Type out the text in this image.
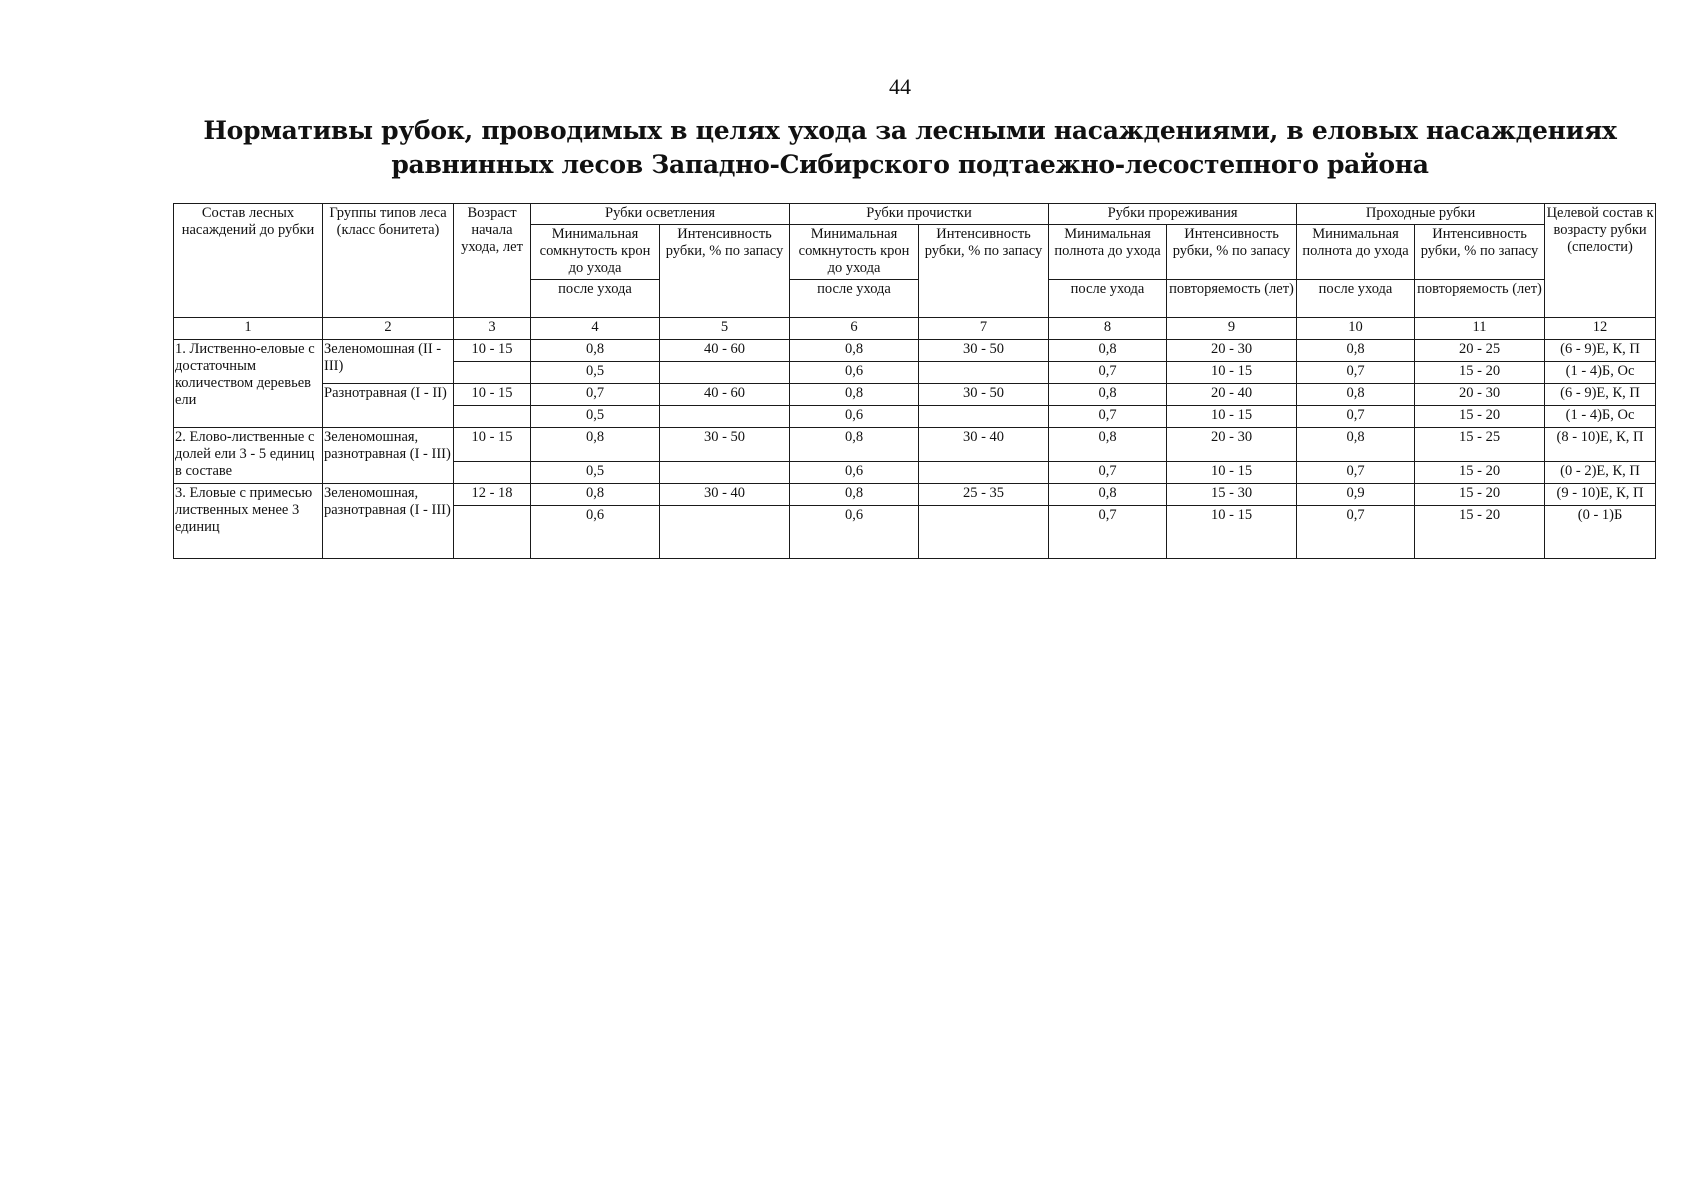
44
Нормативы рубок, проводимых в целях ухода за лесными насаждениями, в еловых насаждениях
равнинных лесов Западно-Сибирского подтаежно-лесостепного района
Состав лесных насаждений до рубки	Группы типов леса (класс бонитета)	Возраст начала ухода, лет	Рубки осветления		Рубки прочистки		Рубки прореживания		Проходные рубки		Целевой состав к возрасту рубки (спелости)
			Минимальная сомкнутость крон до ухода	Интенсивность рубки, % по запасу	Минимальная сомкнутость крон до ухода	Интенсивность рубки, % по запасу	Минимальная полнота до ухода	Интенсивность рубки, % по запасу	Минимальная полнота до ухода	Интенсивность рубки, % по запасу	
			после ухода		после ухода		после ухода	повторяемость (лет)	после ухода	повторяемость (лет)	
1	2	3	4	5	6	7	8	9	10	11	12
1. Лиственно-еловые с достаточным количеством деревьев ели	Зеленомошная (II - III)	10 - 15	0,8	40 - 60	0,8	30 - 50	0,8	20 - 30	0,8	20 - 25	(6 - 9)Е, К, П
			0,5		0,6		0,7	10 - 15	0,7	15 - 20	(1 - 4)Б, Ос
	Разнотравная (I - II)	10 - 15	0,7	40 - 60	0,8	30 - 50	0,8	20 - 40	0,8	20 - 30	(6 - 9)Е, К, П
			0,5		0,6		0,7	10 - 15	0,7	15 - 20	(1 - 4)Б, Ос
2. Елово-лиственные с долей ели 3 - 5 единиц в составе	Зеленомошная, разнотравная (I - III)	10 - 15	0,8	30 - 50	0,8	30 - 40	0,8	20 - 30	0,8	15 - 25	(8 - 10)Е, К, П
			0,5		0,6		0,7	10 - 15	0,7	15 - 20	(0 - 2)Е, К, П
3. Еловые с примесью лиственных менее 3 единиц	Зеленомошная, разнотравная (I - III)	12 - 18	0,8	30 - 40	0,8	25 - 35	0,8	15 - 30	0,9	15 - 20	(9 - 10)Е, К, П
			0,6		0,6		0,7	10 - 15	0,7	15 - 20	(0 - 1)Б
